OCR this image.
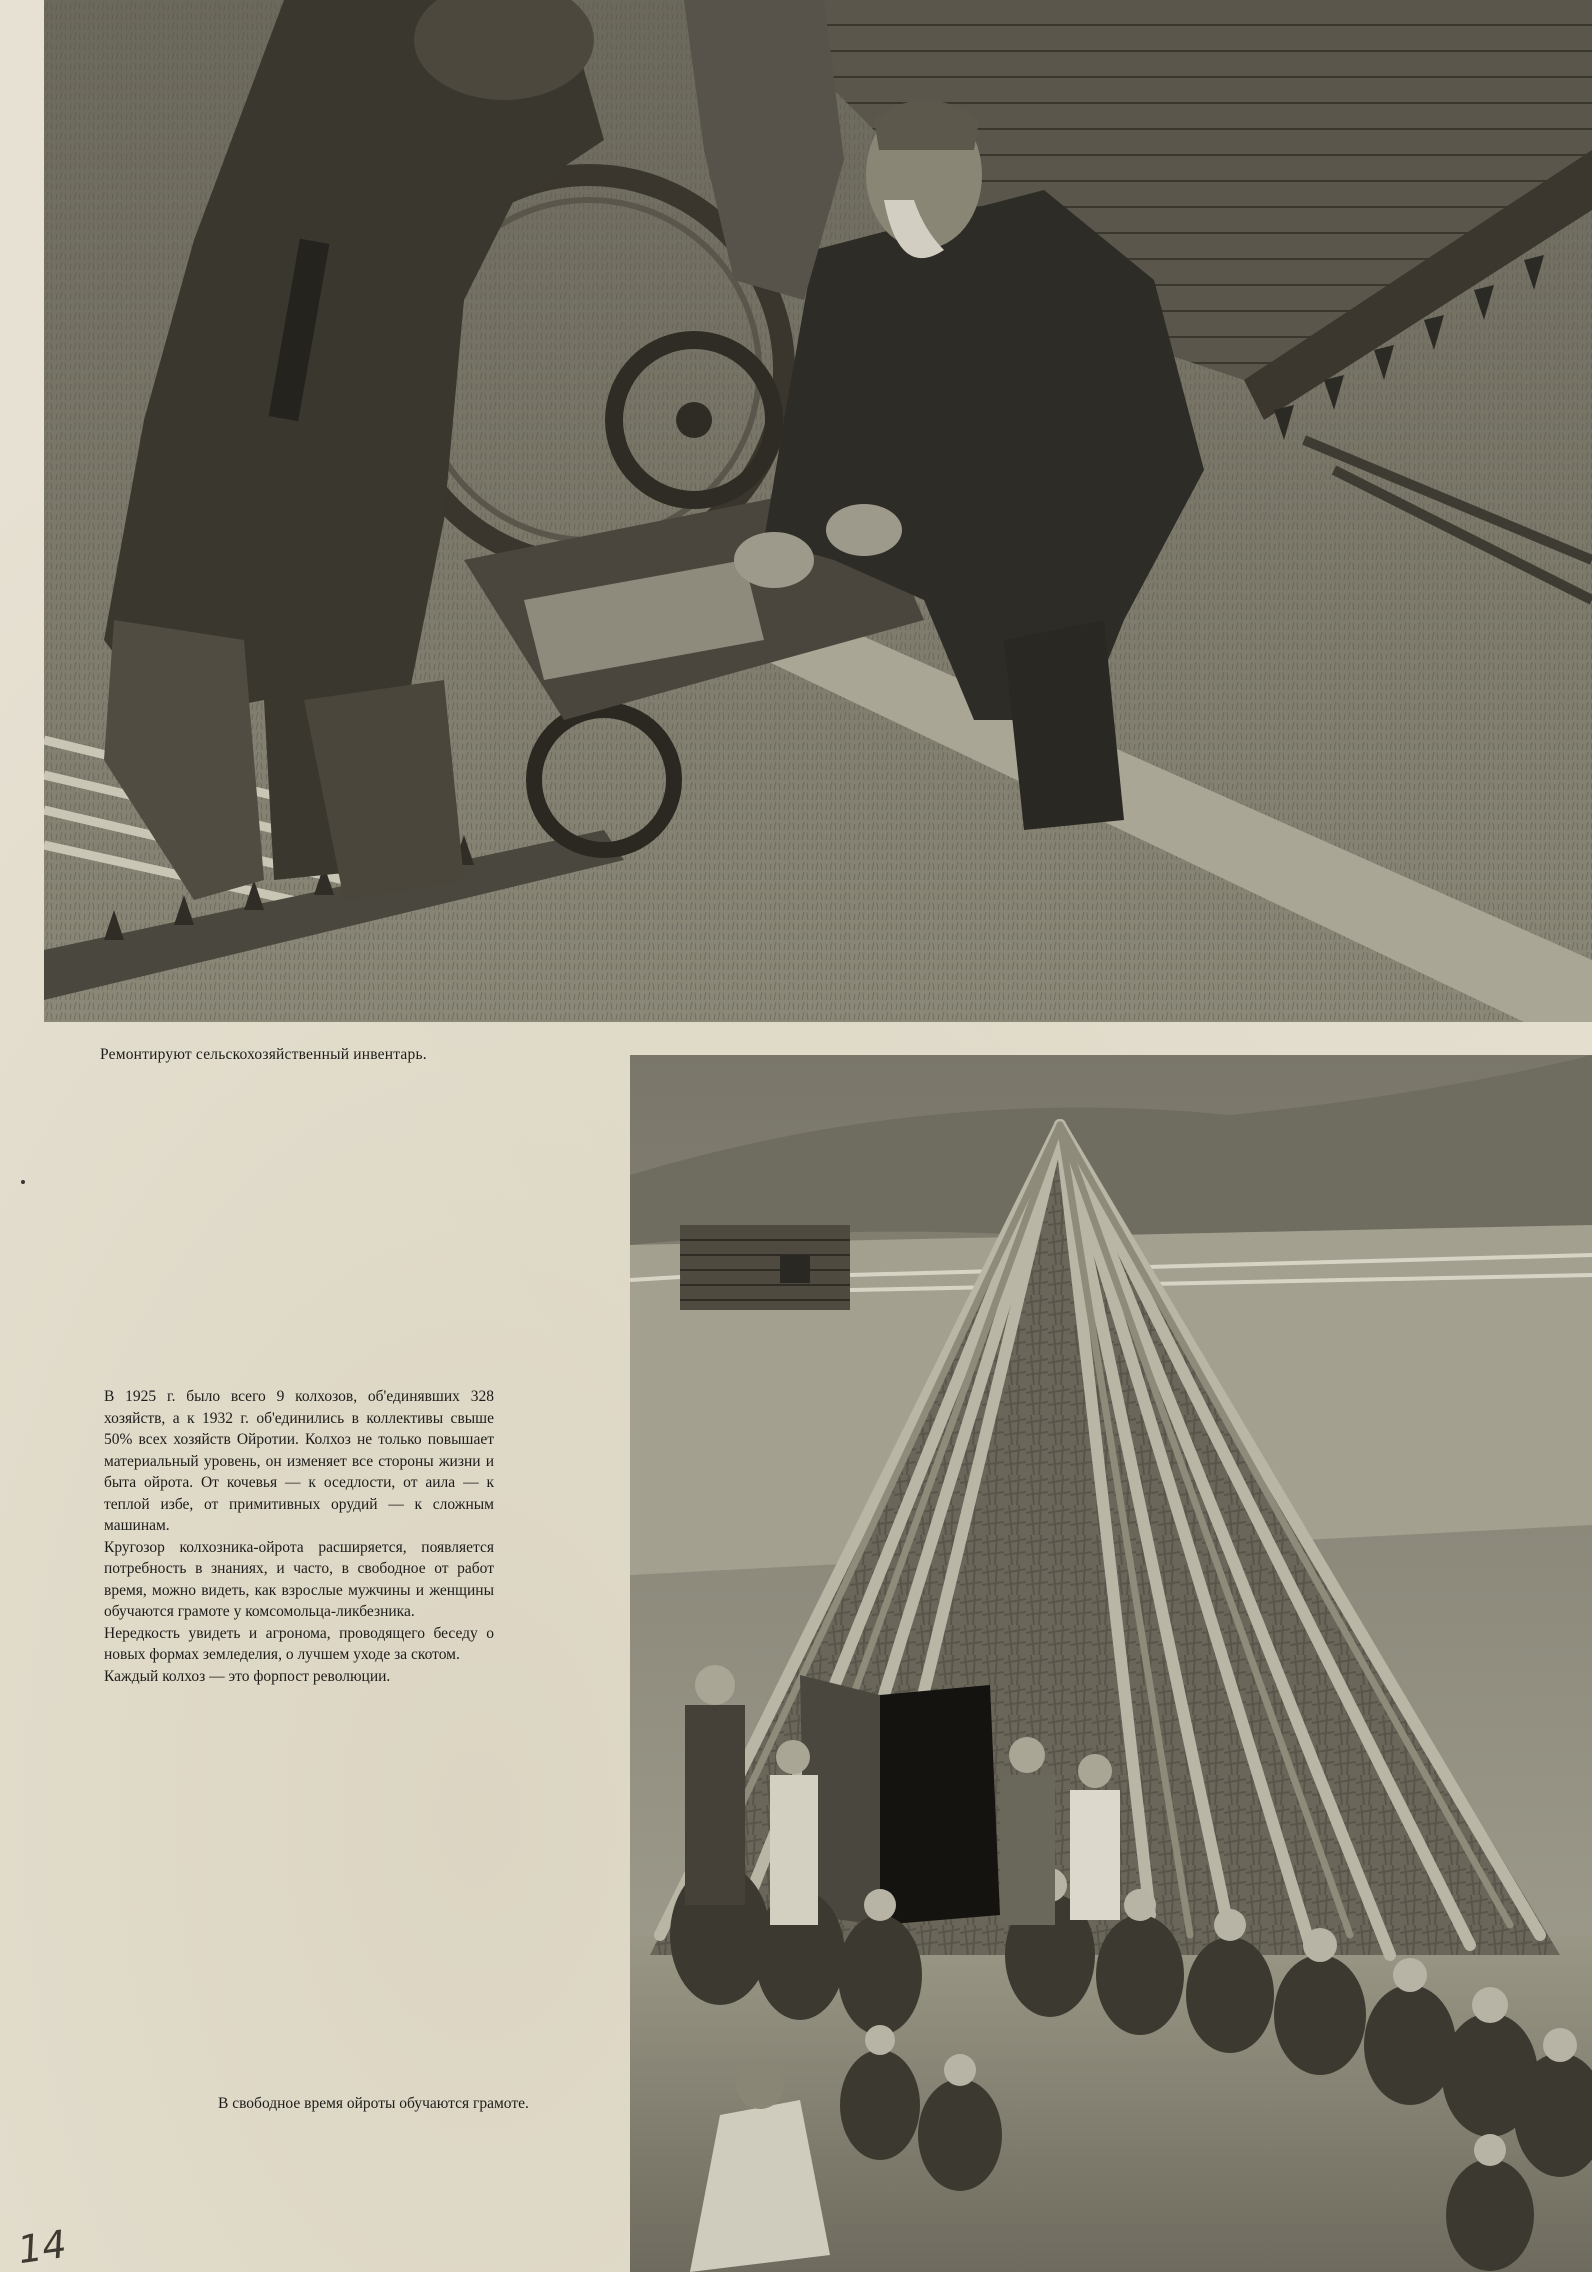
Ремонтируют сельскохозяйственный инвентарь.

В 1925 г. было всего 9 колхозов, об'единявших 328 хозяйств, а к 1932 г. об'единились в коллективы свыше 50% всех хозяйств Ойротии. Колхоз не только повышает материальный уровень, он изменяет все стороны жизни и быта ойрота. От кочевья — к оседлости, от аила — к теплой избе, от примитивных орудий — к сложным машинам.

Кругозор колхозника-ойрота расширяется, появляется потребность в знаниях, и часто, в свободное от работ время, можно видеть, как взрослые мужчины и женщины обучаются грамоте у комсомольца-ликбезника.

Нередкость увидеть и агронома, проводящего беседу о новых формах земледелия, о лучшем уходе за скотом.

Каждый колхоз — это форпост революции.

В свободное время ойроты обучаются грамоте.
14
